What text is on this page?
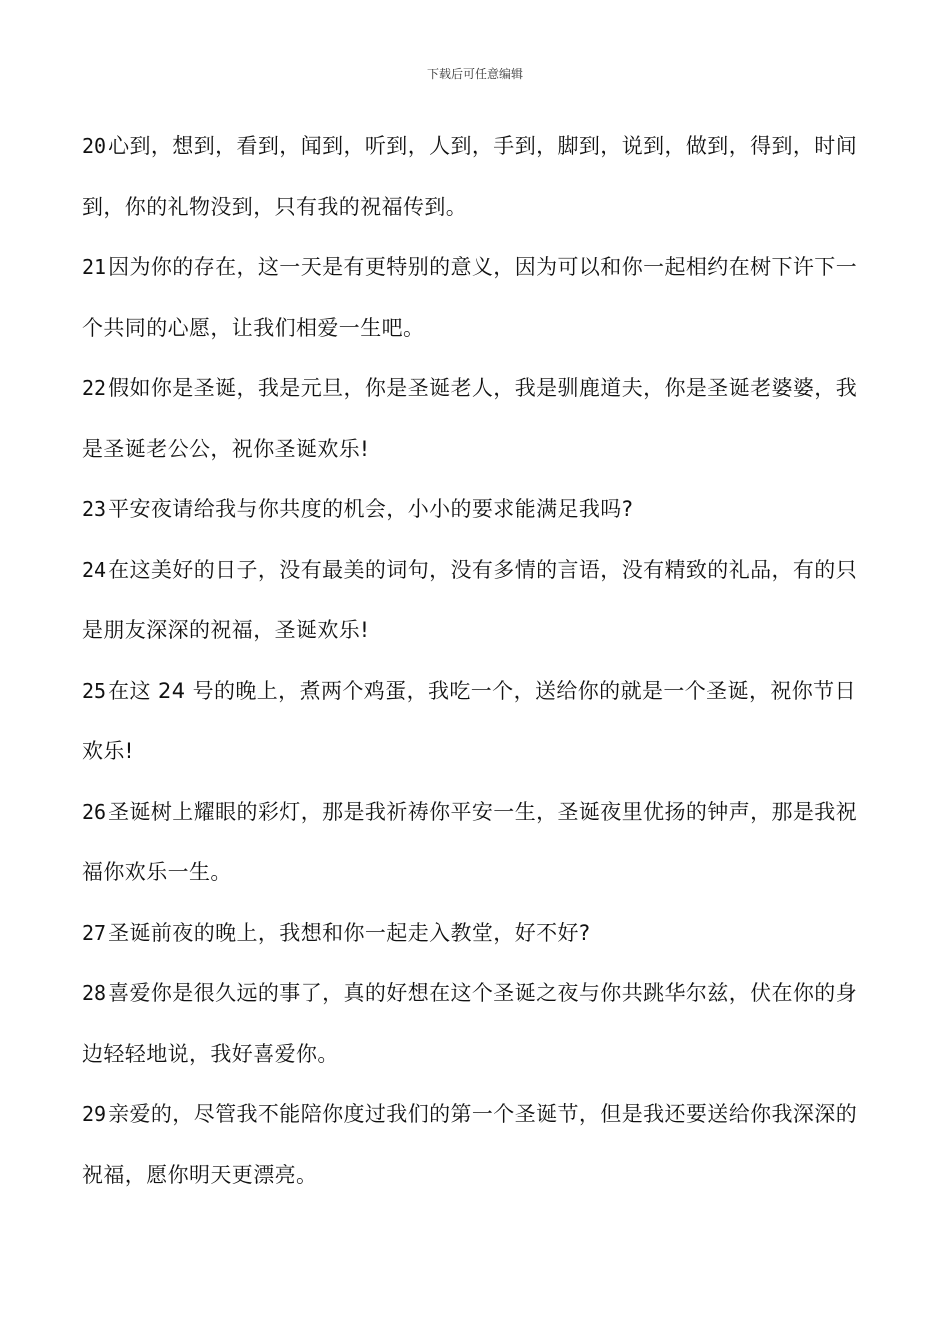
下载后可任意编辑

20心到，想到，看到，闻到，听到，人到，手到，脚到，说到，做到，得到，时间到，你的礼物没到，只有我的祝福传到。

21因为你的存在，这一天是有更特别的意义，因为可以和你一起相约在树下许下一个共同的心愿，让我们相爱一生吧。

22假如你是圣诞，我是元旦，你是圣诞老人，我是驯鹿道夫，你是圣诞老婆婆，我是圣诞老公公，祝你圣诞欢乐!

23平安夜请给我与你共度的机会，小小的要求能满足我吗?

24在这美好的日子，没有最美的词句，没有多情的言语，没有精致的礼品，有的只是朋友深深的祝福，圣诞欢乐!

25在这 24 号的晚上，煮两个鸡蛋，我吃一个，送给你的就是一个圣诞，祝你节日欢乐!

26圣诞树上耀眼的彩灯，那是我祈祷你平安一生，圣诞夜里优扬的钟声，那是我祝福你欢乐一生。

27圣诞前夜的晚上，我想和你一起走入教堂，好不好?

28喜爱你是很久远的事了，真的好想在这个圣诞之夜与你共跳华尔兹，伏在你的身边轻轻地说，我好喜爱你。

29亲爱的，尽管我不能陪你度过我们的第一个圣诞节，但是我还要送给你我深深的祝福，愿你明天更漂亮。
